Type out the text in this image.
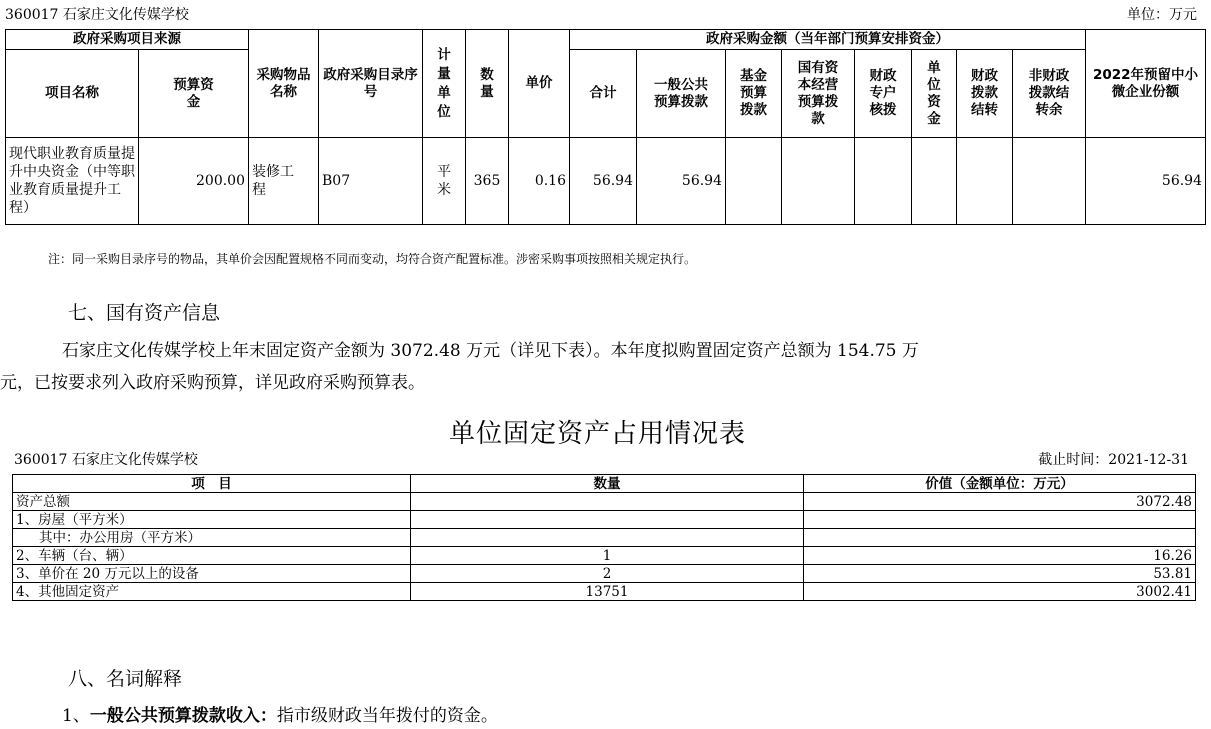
360017 石家庄文化传媒学校	单位：万元
政府采购项目来源		采购物品名称	政府采购目录序号	计量单位	数量	单价	政府采购金额（当年部门预算安排资金）								2022年预留中小微企业份额
项目名称	预算资金						合计	一般公共预算拨款	基金预算拨款	国有资本经营预算拨款	财政专户核拨	单位资金	财政拨款结转	非财政拨款结转余	

现代职业教育质量提升中央资金（中等职业教育质量提升工程）	200.00	装修工程	B07	平米	365	0.16	56.94	56.94							56.94
注：同一采购目录序号的物品，其单价会因配置规格不同而变动，均符合资产配置标准。涉密采购事项按照相关规定执行。
七、国有资产信息
石家庄文化传媒学校上年末固定资产金额为 3072.48 万元（详见下表）。本年度拟购置固定资产总额为 154.75 万
元，已按要求列入政府采购预算，详见政府采购预算表。
单位固定资产占用情况表
360017 石家庄文化传媒学校	截止时间：2021-12-31
项　目	数量	价值（金额单位：万元）
资产总额		3072.48
1、房屋（平方米）		
其中：办公用房（平方米）		
2、车辆（台、辆）	1	16.26
3、单价在 20 万元以上的设备	2	53.81
4、其他固定资产	13751	3002.41
八、名词解释
1、一般公共预算拨款收入：指市级财政当年拨付的资金。
